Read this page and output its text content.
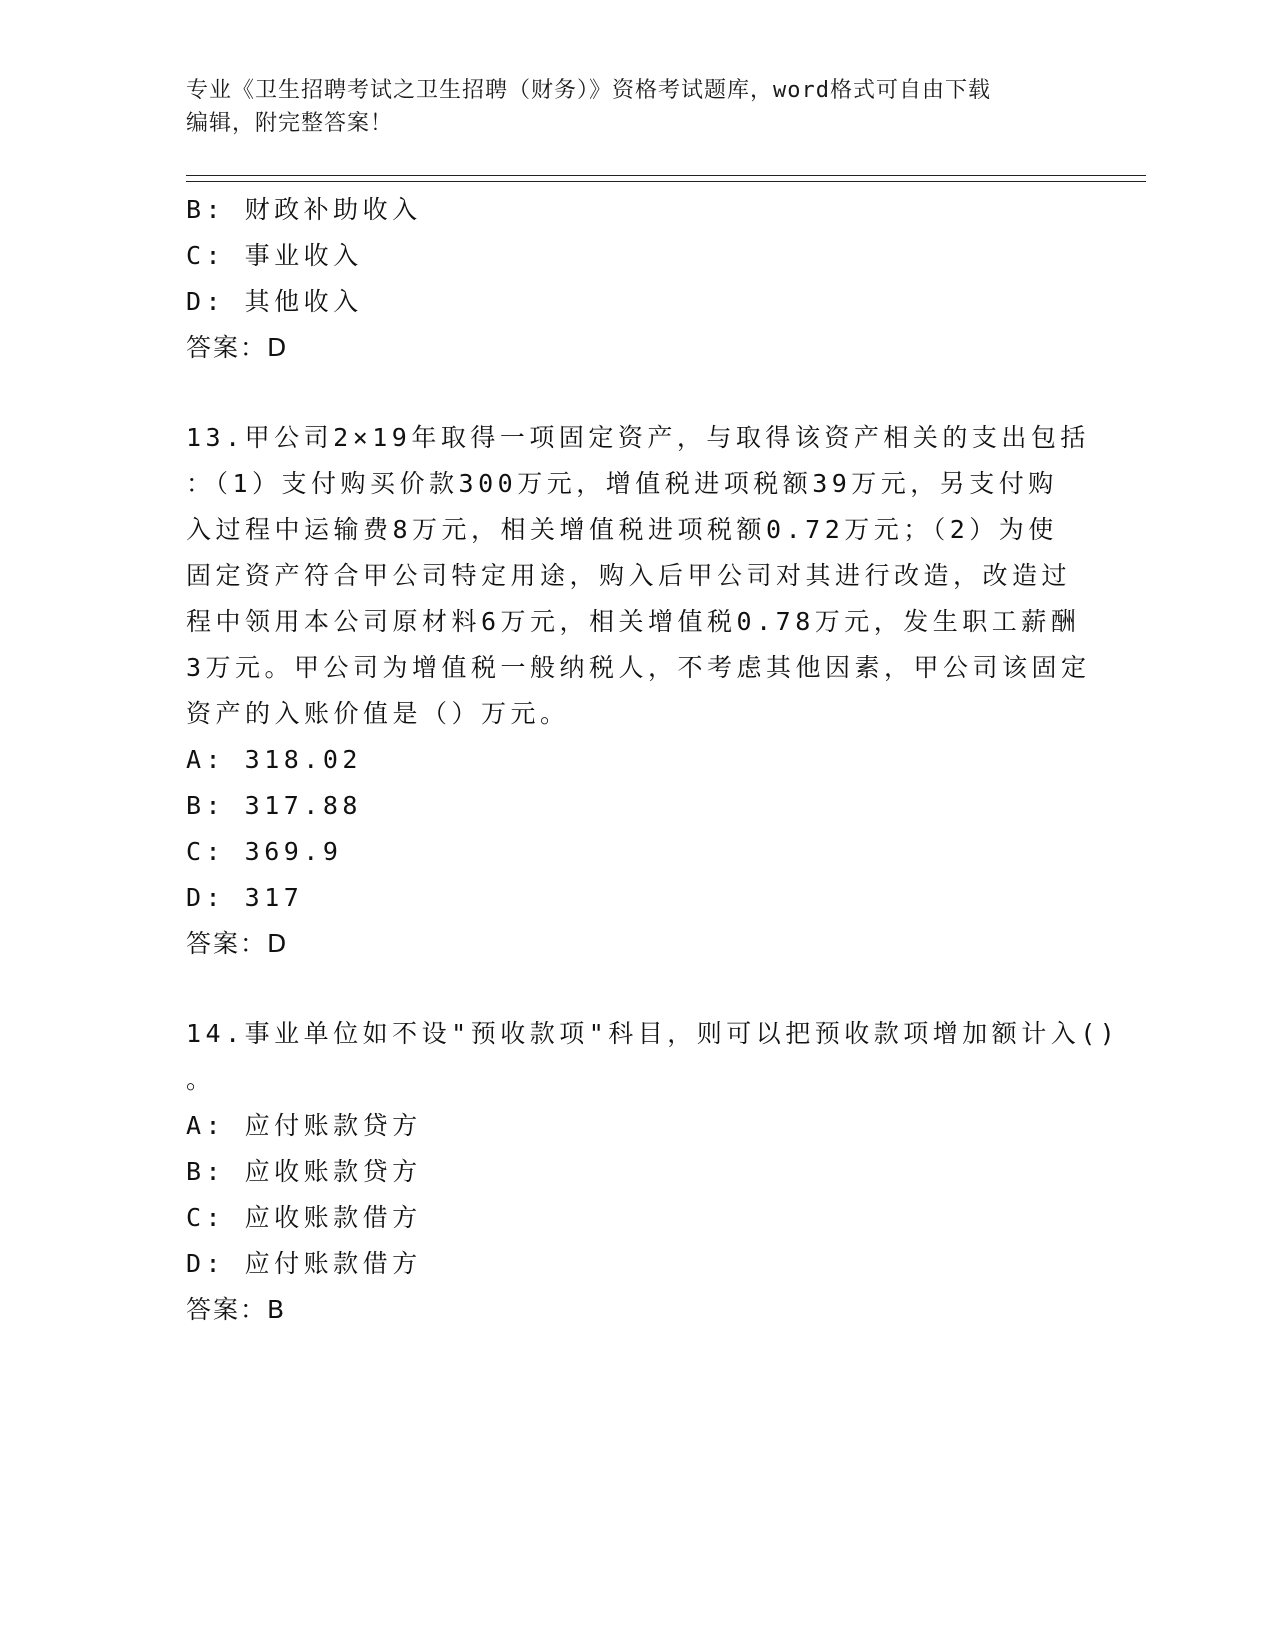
专业《卫生招聘考试之卫生招聘（财务）》资格考试题库，word格式可自由下载
编辑，附完整答案！

B: 财政补助收入

C: 事业收入

D: 其他收入

答案：D

13.甲公司2×19年取得一项固定资产，与取得该资产相关的支出包括

：（1）支付购买价款300万元，增值税进项税额39万元，另支付购

入过程中运输费8万元，相关增值税进项税额0.72万元；（2）为使

固定资产符合甲公司特定用途，购入后甲公司对其进行改造，改造过

程中领用本公司原材料6万元，相关增值税0.78万元，发生职工薪酬

3万元。甲公司为增值税一般纳税人，不考虑其他因素，甲公司该固定

资产的入账价值是（）万元。

A: 318.02

B: 317.88

C: 369.9

D: 317

答案：D

14.事业单位如不设"预收款项"科目，则可以把预收款项增加额计入()

。

A: 应付账款贷方

B: 应收账款贷方

C: 应收账款借方

D: 应付账款借方

答案：B
